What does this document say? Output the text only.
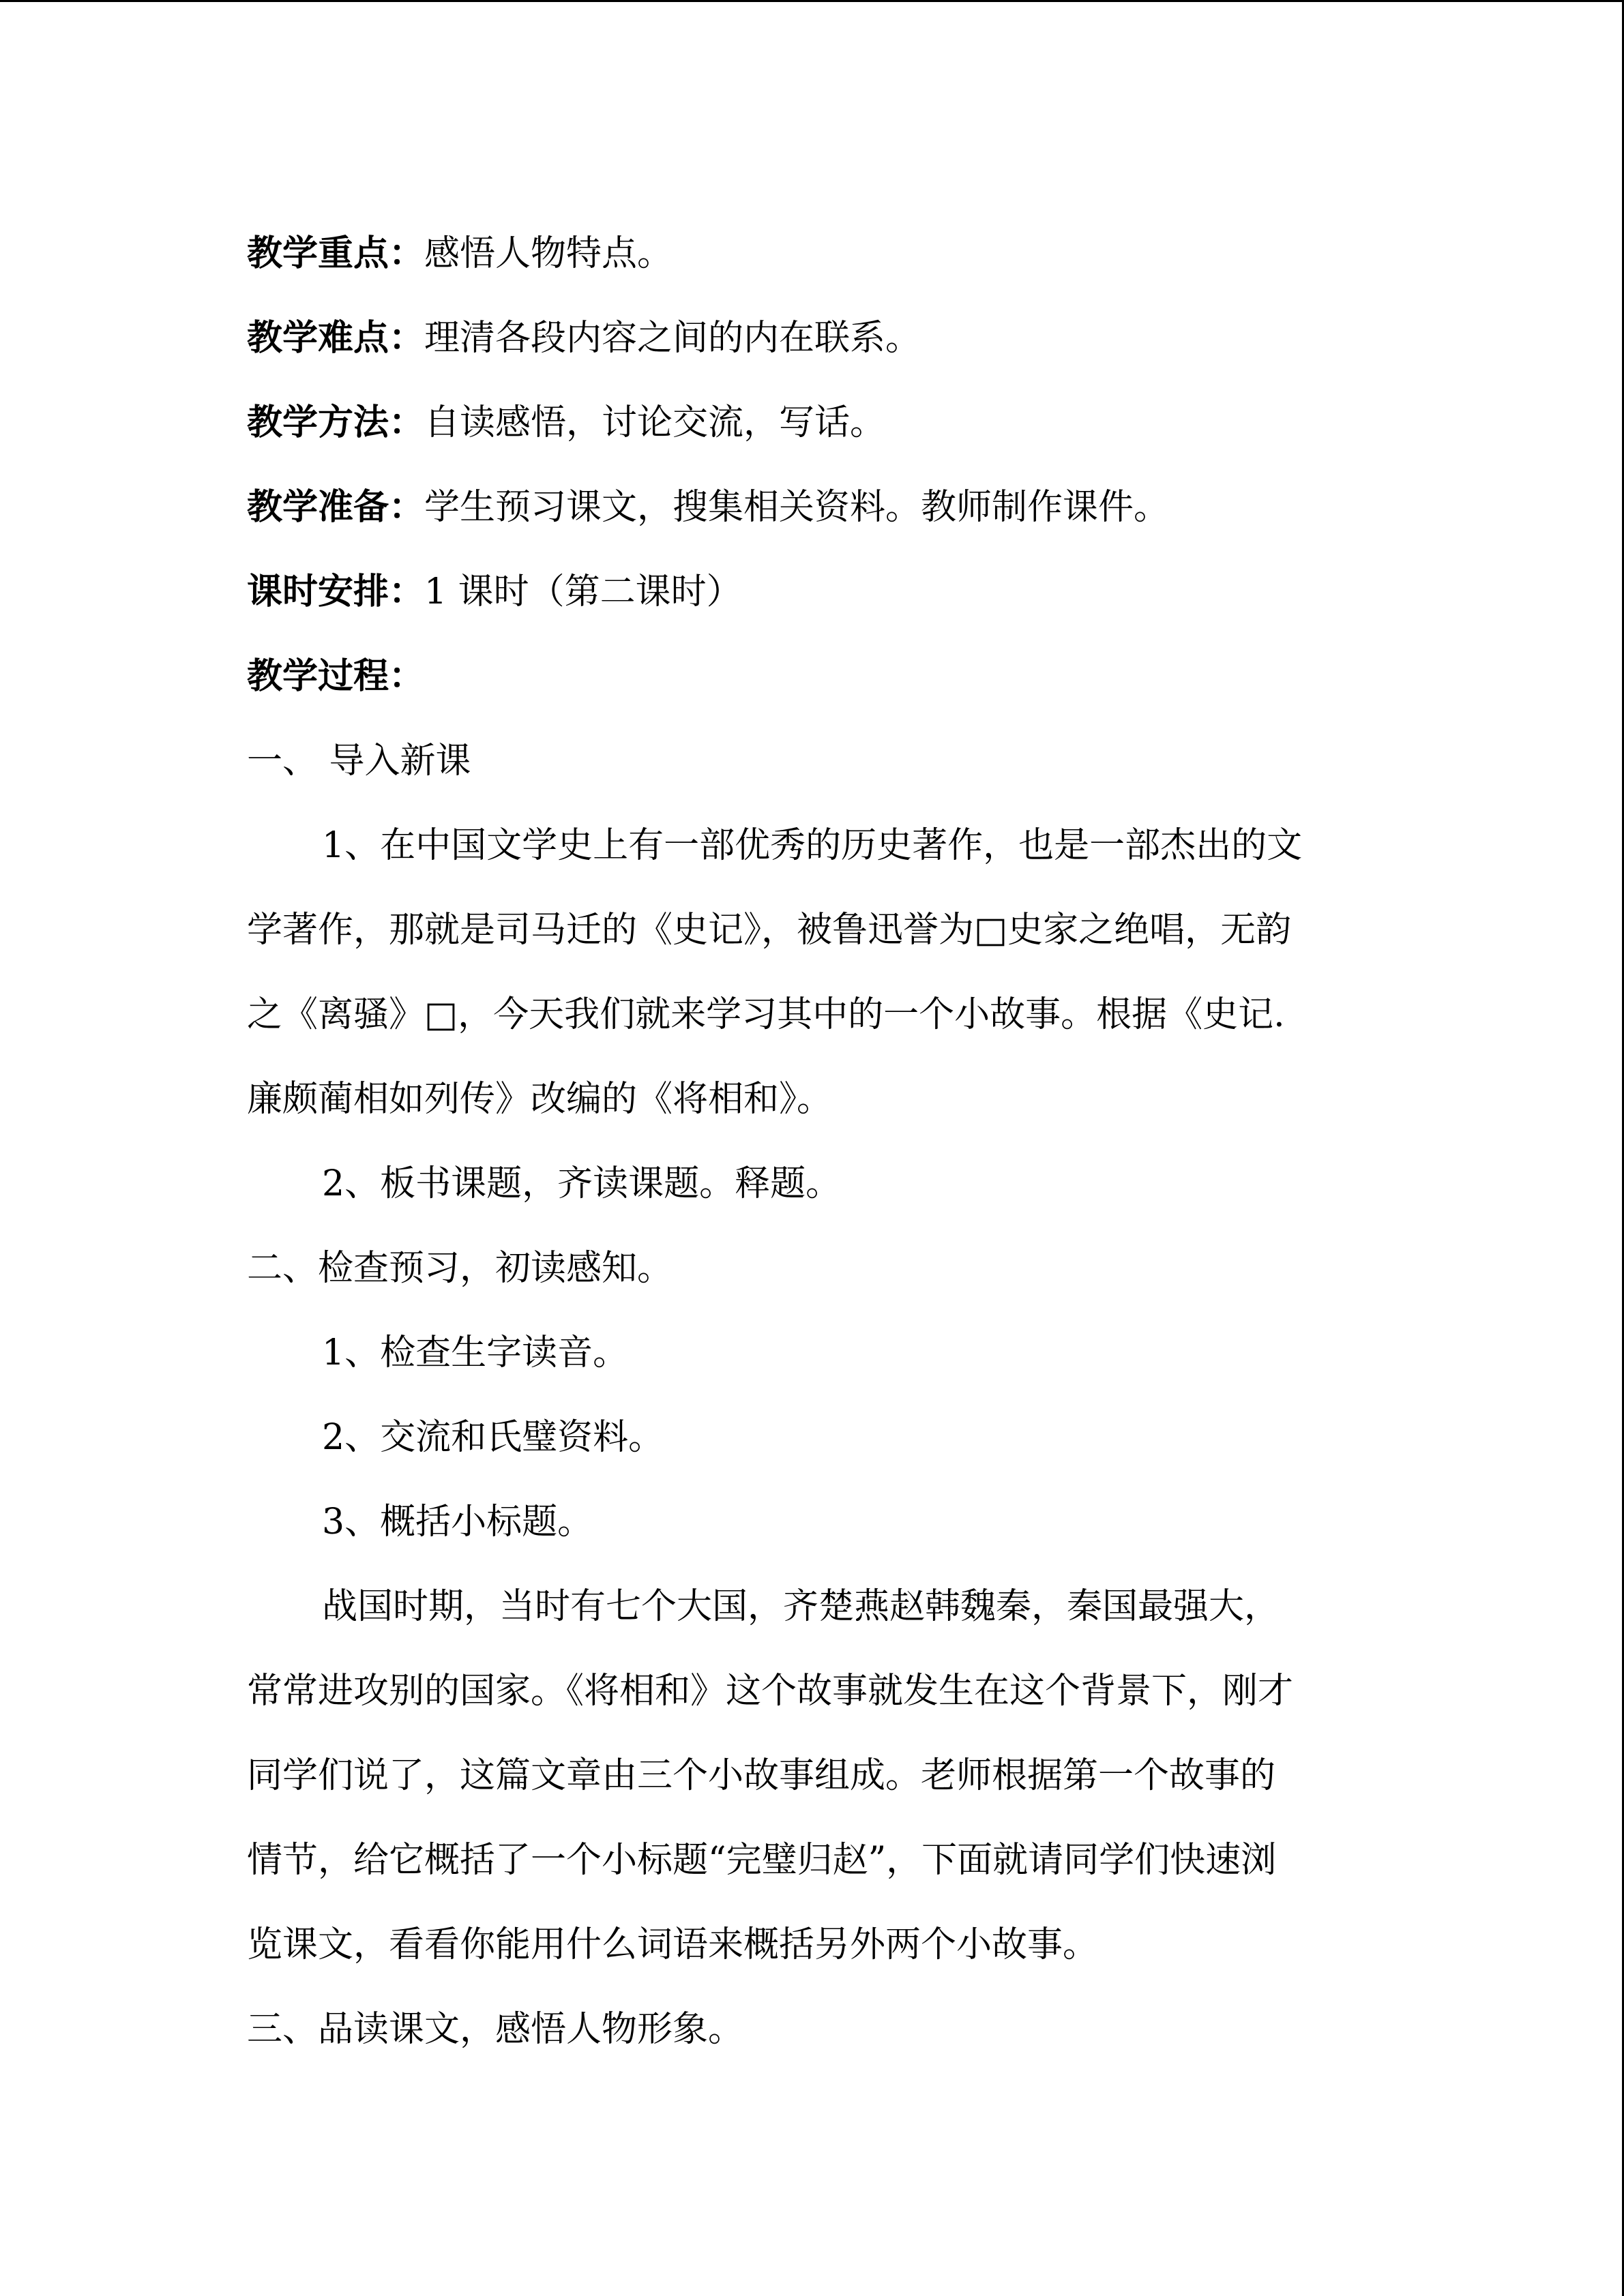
教学重点：感悟人物特点。
教学难点：理清各段内容之间的内在联系。
教学方法：自读感悟，讨论交流，写话。
教学准备：学生预习课文，搜集相关资料。教师制作课件。
课时安排：1 课时（第二课时）
教学过程：
一、 导入新课
1、在中国文学史上有一部优秀的历史著作，也是一部杰出的文
学著作，那就是司马迁的《史记》，被鲁迅誉为□史家之绝唱，无韵
之《离骚》□，今天我们就来学习其中的一个小故事。根据《史记.
廉颇蔺相如列传》改编的《将相和》。
2、板书课题，齐读课题。释题。
二、检查预习，初读感知。
1、检查生字读音。
2、交流和氏璧资料。
3、概括小标题。
战国时期，当时有七个大国，齐楚燕赵韩魏秦，秦国最强大，
常常进攻别的国家。《将相和》这个故事就发生在这个背景下，刚才
同学们说了，这篇文章由三个小故事组成。老师根据第一个故事的
情节，给它概括了一个小标题“完璧归赵”，下面就请同学们快速浏
览课文，看看你能用什么词语来概括另外两个小故事。
三、品读课文，感悟人物形象。
